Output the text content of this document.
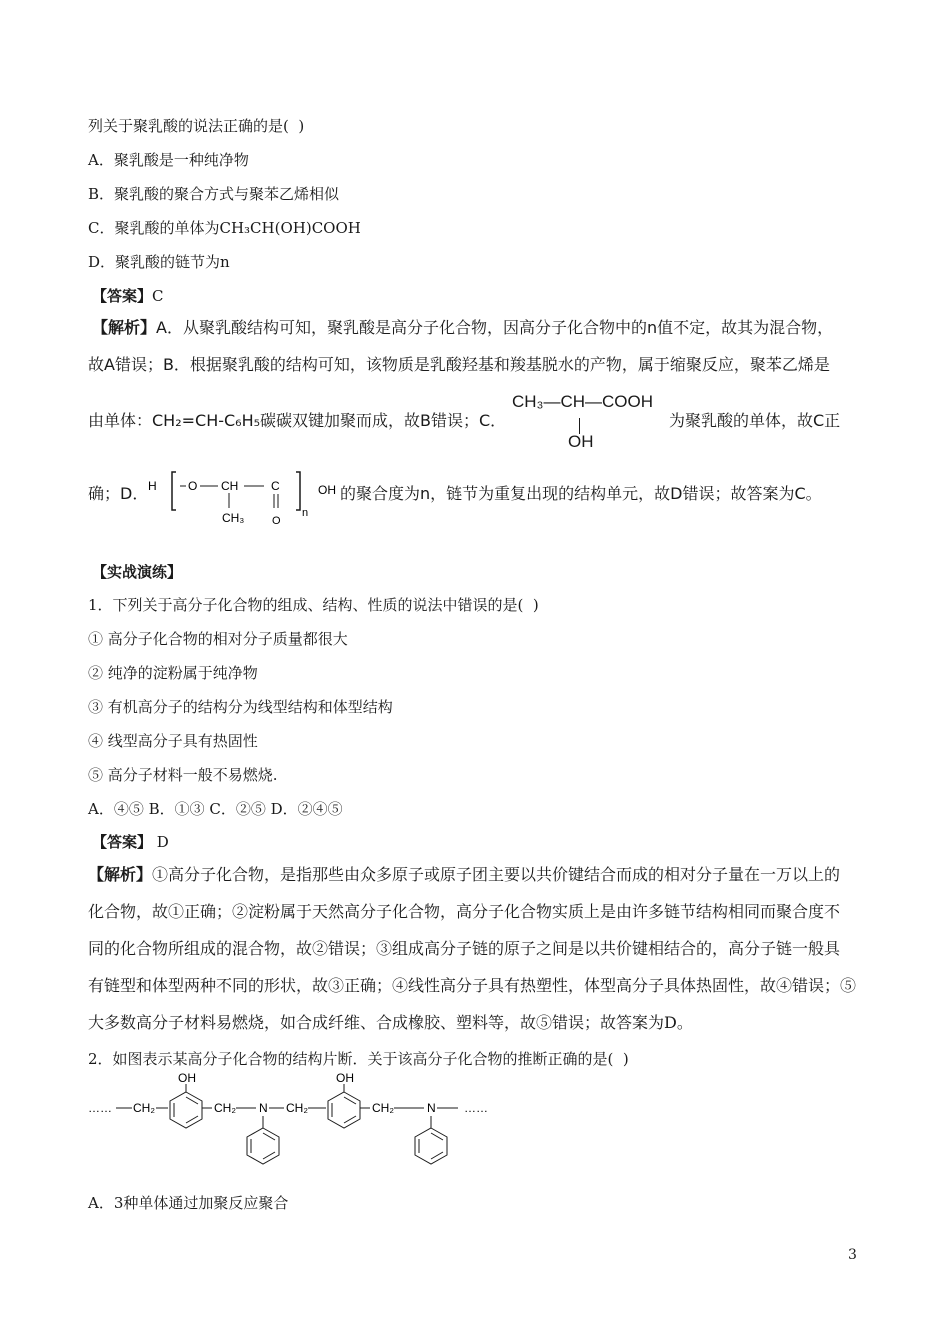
列关于聚乳酸的说法正确的是(  )
A．聚乳酸是一种纯净物
B．聚乳酸的聚合方式与聚苯乙烯相似
C．聚乳酸的单体为CH₃CH(OH)COOH
D．聚乳酸的链节为n
【答案】C
【解析】A．从聚乳酸结构可知，聚乳酸是高分子化合物，因高分子化合物中的n值不定，故其为混合物，
故A错误；B．根据聚乳酸的结构可知，该物质是乳酸羟基和羧基脱水的产物，属于缩聚反应，聚苯乙烯是
由单体：CH₂=CH-C₆H₅碳碳双键加聚而成，故B错误；C．
CH₃—CH—COOH
OH
为聚乳酸的单体，故C正
确；D． H	O CH
CH₃
C
O
n
OH 的聚合度为n，链节为重复出现的结构单元，故D错误；故答案为C。
【实战演练】
1．下列关于高分子化合物的组成、结构、性质的说法中错误的是(  )
① 高分子化合物的相对分子质量都很大
② 纯净的淀粉属于纯净物
③ 有机高分子的结构分为线型结构和体型结构
④ 线型高分子具有热固性
⑤ 高分子材料一般不易燃烧.
A．④⑤ B．①③ C．②⑤ D．②④⑤
【答案】 D
【解析】①高分子化合物，是指那些由众多原子或原子团主要以共价键结合而成的相对分子量在一万以上的
化合物，故①正确；②淀粉属于天然高分子化合物，高分子化合物实质上是由许多链节结构相同而聚合度不
同的化合物所组成的混合物，故②错误；③组成高分子链的原子之间是以共价键相结合的，高分子链一般具
有链型和体型两种不同的形状，故③正确；④线性高分子具有热塑性，体型高分子具体热固性，故④错误；⑤
大多数高分子材料易燃烧，如合成纤维、合成橡胶、塑料等，故⑤错误；故答案为D。
2．如图表示某高分子化合物的结构片断．关于该高分子化合物的推断正确的是(  )
…… CH₂
OH
CH₂ N CH₂
OH
CH₂	N ……
A．3种单体通过加聚反应聚合
3
